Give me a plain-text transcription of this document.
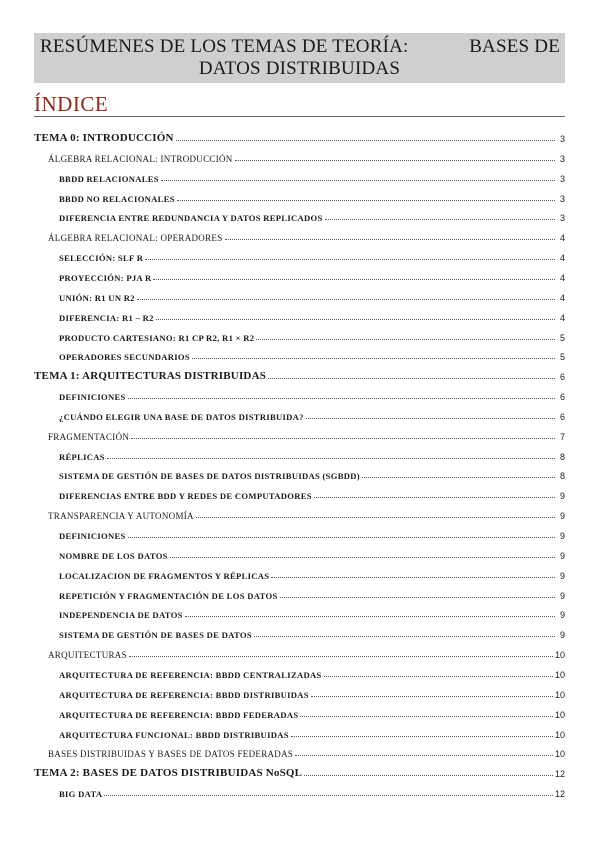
RESÚMENES DE LOS TEMAS DE TEORÍA:	BASES DE
DATOS DISTRIBUIDAS
ÍNDICE
TEMA 0: INTRODUCCIÓN	3
ÁLGEBRA RELACIONAL: INTRODUCCIÓN	3
BBDD RELACIONALES	3
BBDD NO RELACIONALES	3
DIFERENCIA ENTRE REDUNDANCIA Y DATOS REPLICADOS	3
ÁLGEBRA RELACIONAL: OPERADORES	4
SELECCIÓN: SLF R	4
PROYECCIÓN: PJA R	4
UNIÓN: R1 UN R2	4
DIFERENCIA: R1 – R2	4
PRODUCTO CARTESIANO: R1 CP R2, R1 × R2	5
OPERADORES SECUNDARIOS	5
TEMA 1: ARQUITECTURAS DISTRIBUIDAS	6
DEFINICIONES	6
¿CUÁNDO ELEGIR UNA BASE DE DATOS DISTRIBUIDA?	6
FRAGMENTACIÓN	7
RÉPLICAS	8
SISTEMA DE GESTIÓN DE BASES DE DATOS DISTRIBUIDAS (SGBDD)	8
DIFERENCIAS ENTRE BDD Y REDES DE COMPUTADORES	9
TRANSPARENCIA Y AUTONOMÍA	9
DEFINICIONES	9
NOMBRE DE LOS DATOS	9
LOCALIZACION DE FRAGMENTOS Y RÉPLICAS	9
REPETICIÓN Y FRAGMENTACIÓN DE LOS DATOS	9
INDEPENDENCIA DE DATOS	9
SISTEMA DE GESTIÓN DE BASES DE DATOS	9
ARQUITECTURAS	10
ARQUITECTURA DE REFERENCIA: BBDD CENTRALIZADAS	10
ARQUITECTURA DE REFERENCIA: BBDD DISTRIBUIDAS	10
ARQUITECTURA DE REFERENCIA: BBDD FEDERADAS	10
ARQUITECTURA FUNCIONAL: BBDD DISTRIBUIDAS	10
BASES DISTRIBUIDAS Y BASES DE DATOS FEDERADAS	10
TEMA 2: BASES DE DATOS DISTRIBUIDAS NoSQL	12
BIG DATA	12
